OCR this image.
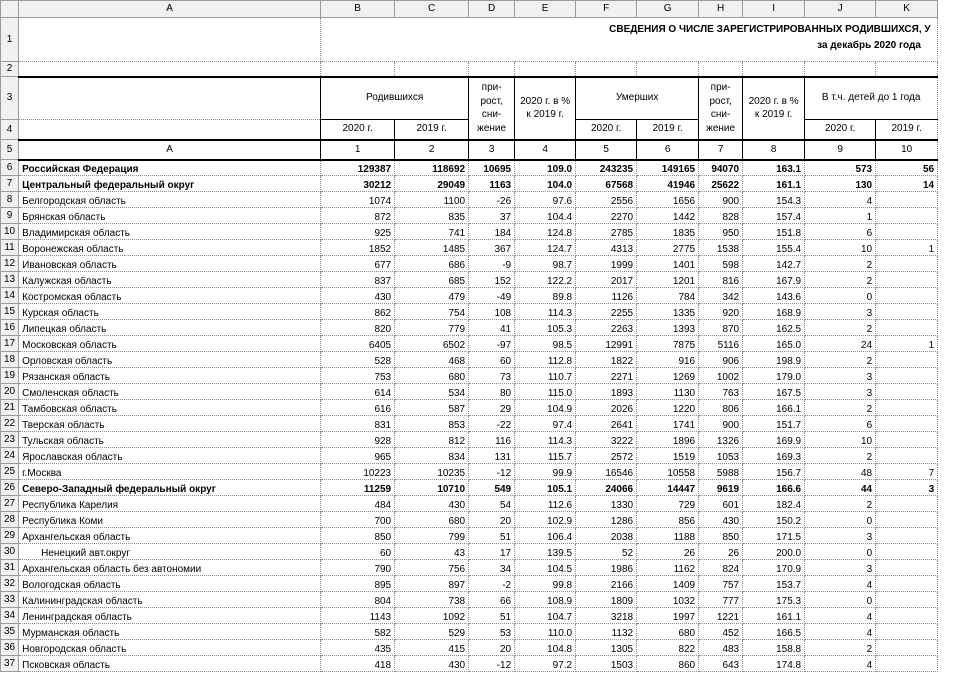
	A	B	C	D	E	F	G	H	I	J	K
1		СВЕДЕНИЯ О ЧИСЛЕ ЗАРЕГИСТРИРОВАННЫХ РОДИВШИХСЯ, У
за декабрь 2020 года									

2											
3		Родившихся		при-рост, сни-жение	2020 г. в % к 2019 г.	Умерших		при-рост, сни-жение	2020 г. в % к 2019 г.	В т.ч. детей до 1 года	
4		2020 г.	2019 г.			2020 г.	2019 г.			2020 г.	2019 г.
5	A	1	2	3	4	5	6	7	8	9	10
6	Российская Федерация	129387	118692	10695	109.0	243235	149165	94070	163.1	573	56
7	Центральный федеральный округ	30212	29049	1163	104.0	67568	41946	25622	161.1	130	14
8	Белгородская область	1074	1100	-26	97.6	2556	1656	900	154.3	4	
9	Брянская область	872	835	37	104.4	2270	1442	828	157.4	1	
10	Владимирская область	925	741	184	124.8	2785	1835	950	151.8	6	
11	Воронежская область	1852	1485	367	124.7	4313	2775	1538	155.4	10	1
12	Ивановская область	677	686	-9	98.7	1999	1401	598	142.7	2	
13	Калужская область	837	685	152	122.2	2017	1201	816	167.9	2	
14	Костромская область	430	479	-49	89.8	1126	784	342	143.6	0	
15	Курская область	862	754	108	114.3	2255	1335	920	168.9	3	
16	Липецкая область	820	779	41	105.3	2263	1393	870	162.5	2	
17	Московская область	6405	6502	-97	98.5	12991	7875	5116	165.0	24	1
18	Орловская область	528	468	60	112.8	1822	916	906	198.9	2	
19	Рязанская область	753	680	73	110.7	2271	1269	1002	179.0	3	
20	Смоленская область	614	534	80	115.0	1893	1130	763	167.5	3	
21	Тамбовская область	616	587	29	104.9	2026	1220	806	166.1	2	
22	Тверская область	831	853	-22	97.4	2641	1741	900	151.7	6	
23	Тульская область	928	812	116	114.3	3222	1896	1326	169.9	10	
24	Ярославская область	965	834	131	115.7	2572	1519	1053	169.3	2	
25	г.Москва	10223	10235	-12	99.9	16546	10558	5988	156.7	48	7
26	Северо-Западный федеральный округ	11259	10710	549	105.1	24066	14447	9619	166.6	44	3
27	Республика Карелия	484	430	54	112.6	1330	729	601	182.4	2	
28	Республика Коми	700	680	20	102.9	1286	856	430	150.2	0	
29	Архангельская область	850	799	51	106.4	2038	1188	850	171.5	3	
30	Ненецкий авт.округ	60	43	17	139.5	52	26	26	200.0	0	
31	Архангельская область без автономии	790	756	34	104.5	1986	1162	824	170.9	3	
32	Вологодская область	895	897	-2	99.8	2166	1409	757	153.7	4	
33	Калининградская область	804	738	66	108.9	1809	1032	777	175.3	0	
34	Ленинградская область	1143	1092	51	104.7	3218	1997	1221	161.1	4	
35	Мурманская область	582	529	53	110.0	1132	680	452	166.5	4	
36	Новгородская область	435	415	20	104.8	1305	822	483	158.8	2	
37	Псковская область	418	430	-12	97.2	1503	860	643	174.8	4	
